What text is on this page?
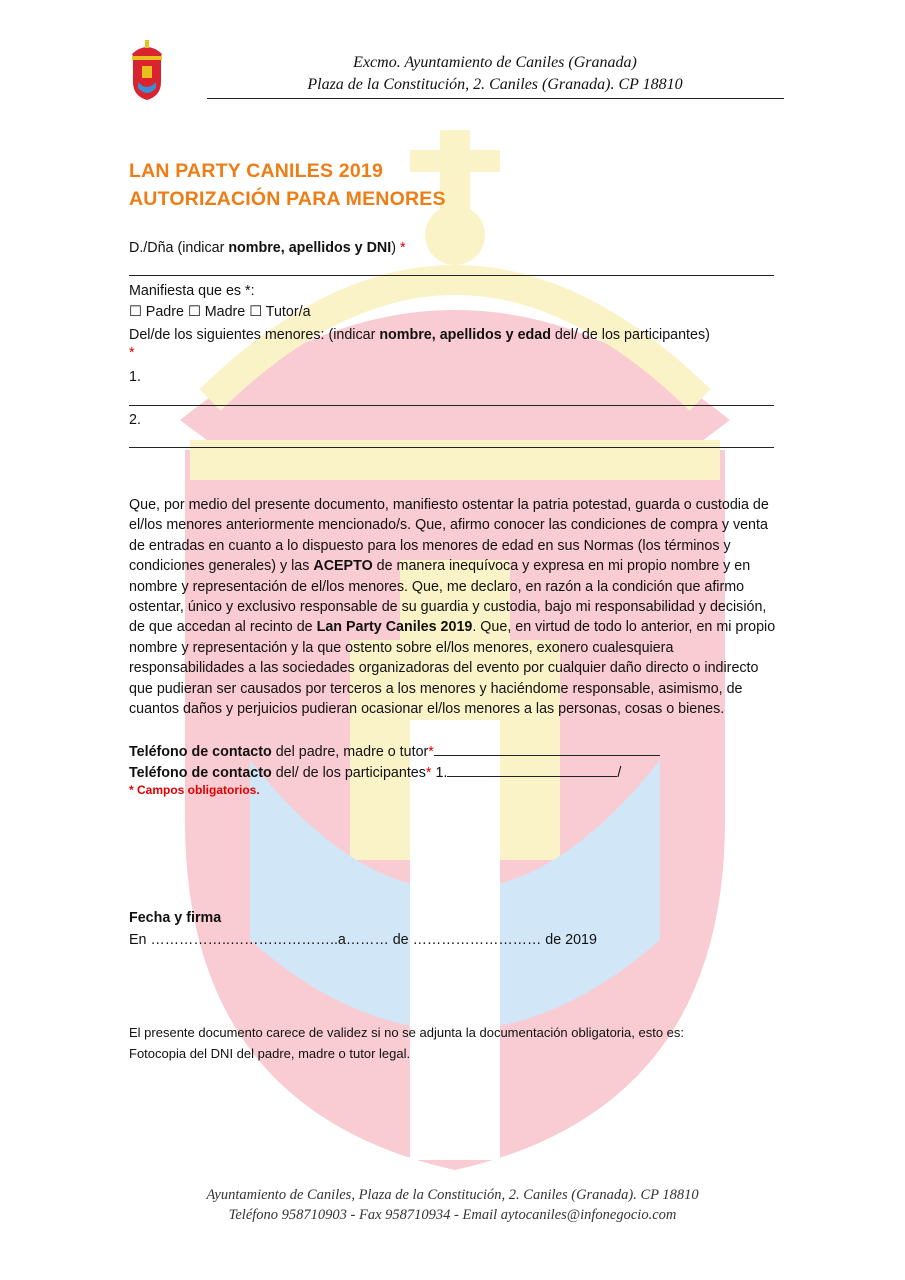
Excmo. Ayuntamiento de Caniles (Granada)
Plaza de la Constitución, 2. Caniles (Granada). CP 18810
LAN PARTY CANILES 2019
AUTORIZACIÓN PARA MENORES
D./Dña (indicar nombre, apellidos y DNI) *
Manifiesta que es *:
☐ Padre ☐ Madre ☐ Tutor/a
Del/de los siguientes menores: (indicar nombre, apellidos y edad del/ de los participantes)
*
1.
2.
Que, por medio del presente documento, manifiesto ostentar la patria potestad, guarda o custodia de el/los menores anteriormente mencionado/s. Que, afirmo conocer las condiciones de compra y venta de entradas en cuanto a lo dispuesto para los menores de edad en sus Normas (los términos y condiciones generales) y las ACEPTO de manera inequívoca y expresa en mi propio nombre y en nombre y representación de el/los menores. Que, me declaro, en razón a la condición que afirmo ostentar, único y exclusivo responsable de su guardia y custodia, bajo mi responsabilidad y decisión, de que accedan al recinto de Lan Party Caniles 2019. Que, en virtud de todo lo anterior, en mi propio nombre y representación y la que ostento sobre el/los menores, exonero cualesquiera responsabilidades a las sociedades organizadoras del evento por cualquier daño directo o indirecto que pudieran ser causados por terceros a los menores y haciéndome responsable, asimismo, de cuantos daños y perjuicios pudieran ocasionar el/los menores a las personas, cosas o bienes.
Teléfono de contacto del padre, madre o tutor*
Teléfono de contacto del/ de los participantes* 1.	/
* Campos obligatorios.
Fecha y firma
En ……………..…………………..a……… de ……………………… de 2019
El presente documento carece de validez si no se adjunta la documentación obligatoria, esto es:
Fotocopia del DNI del padre, madre o tutor legal.
Ayuntamiento de Caniles, Plaza de la Constitución, 2. Caniles (Granada). CP 18810
Teléfono 958710903 - Fax 958710934 - Email aytocaniles@infonegocio.com
